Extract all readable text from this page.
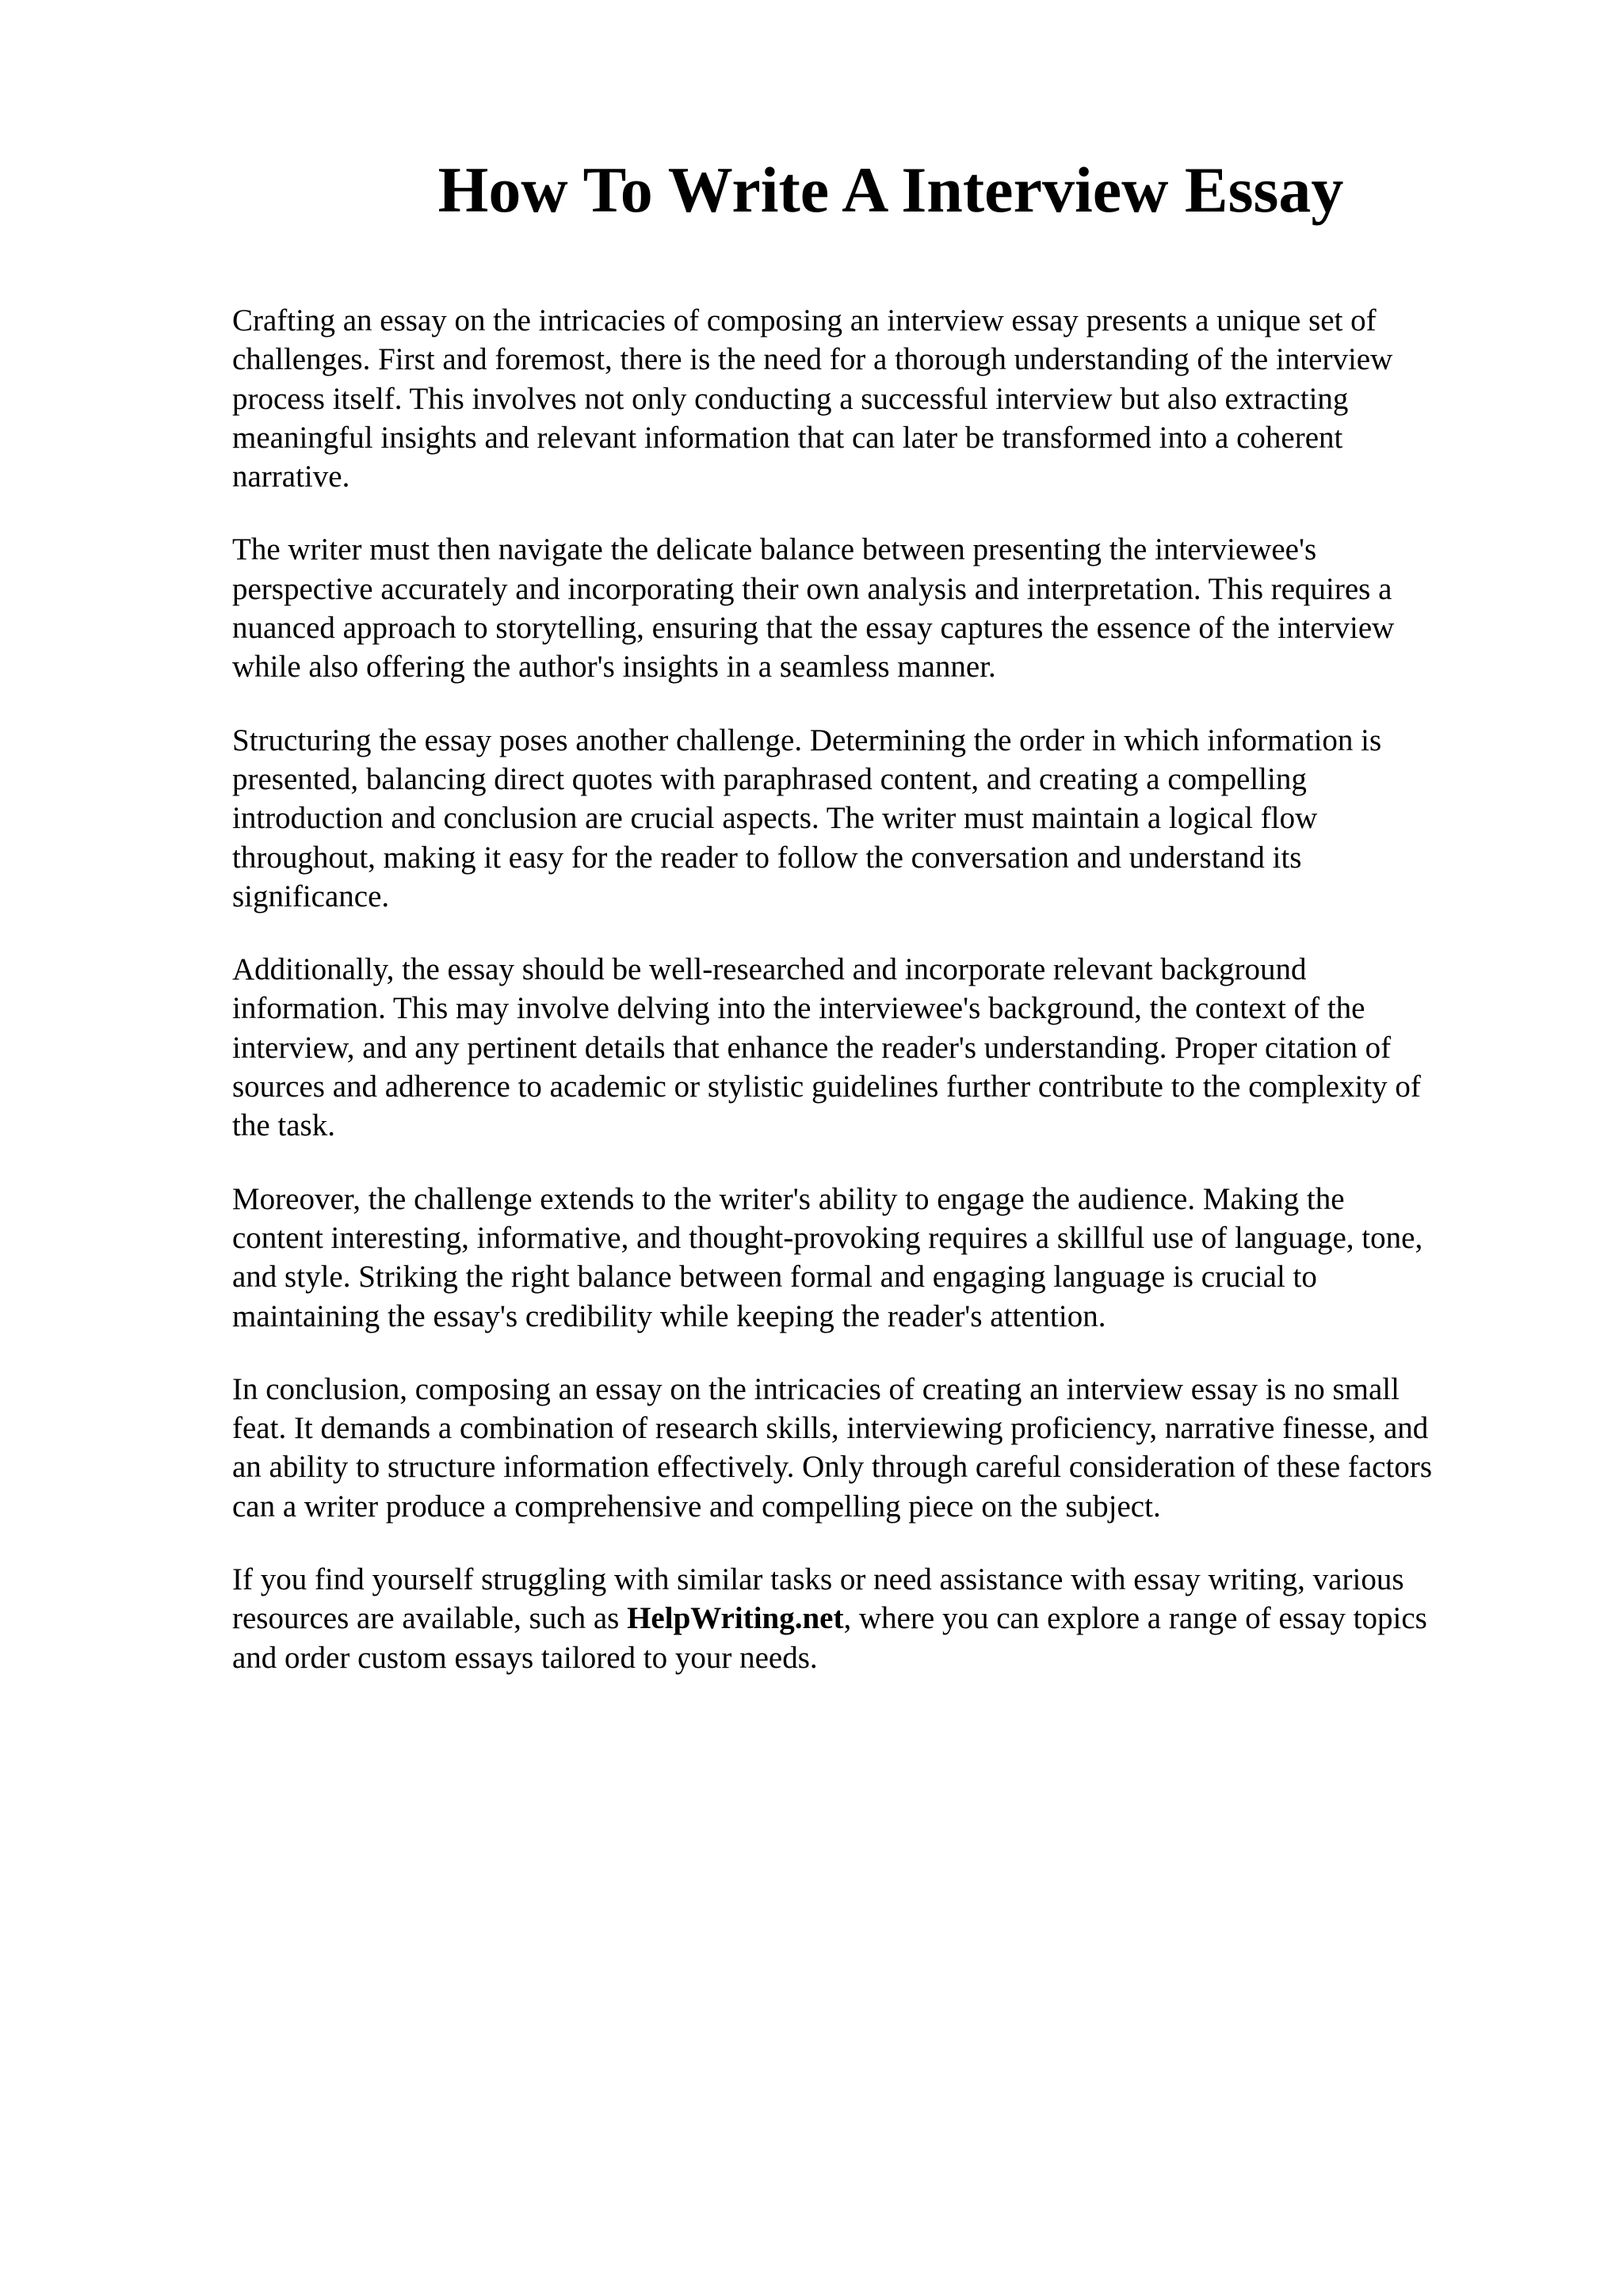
How To Write A Interview Essay

Crafting an essay on the intricacies of composing an interview essay presents a unique set of
challenges. First and foremost, there is the need for a thorough understanding of the interview
process itself. This involves not only conducting a successful interview but also extracting
meaningful insights and relevant information that can later be transformed into a coherent
narrative.

The writer must then navigate the delicate balance between presenting the interviewee's
perspective accurately and incorporating their own analysis and interpretation. This requires a
nuanced approach to storytelling, ensuring that the essay captures the essence of the interview
while also offering the author's insights in a seamless manner.

Structuring the essay poses another challenge. Determining the order in which information is
presented, balancing direct quotes with paraphrased content, and creating a compelling
introduction and conclusion are crucial aspects. The writer must maintain a logical flow
throughout, making it easy for the reader to follow the conversation and understand its
significance.

Additionally, the essay should be well-researched and incorporate relevant background
information. This may involve delving into the interviewee's background, the context of the
interview, and any pertinent details that enhance the reader's understanding. Proper citation of
sources and adherence to academic or stylistic guidelines further contribute to the complexity of
the task.

Moreover, the challenge extends to the writer's ability to engage the audience. Making the
content interesting, informative, and thought-provoking requires a skillful use of language, tone,
and style. Striking the right balance between formal and engaging language is crucial to
maintaining the essay's credibility while keeping the reader's attention.

In conclusion, composing an essay on the intricacies of creating an interview essay is no small
feat. It demands a combination of research skills, interviewing proficiency, narrative finesse, and
an ability to structure information effectively. Only through careful consideration of these factors
can a writer produce a comprehensive and compelling piece on the subject.

If you find yourself struggling with similar tasks or need assistance with essay writing, various
resources are available, such as HelpWriting.net, where you can explore a range of essay topics
and order custom essays tailored to your needs.
